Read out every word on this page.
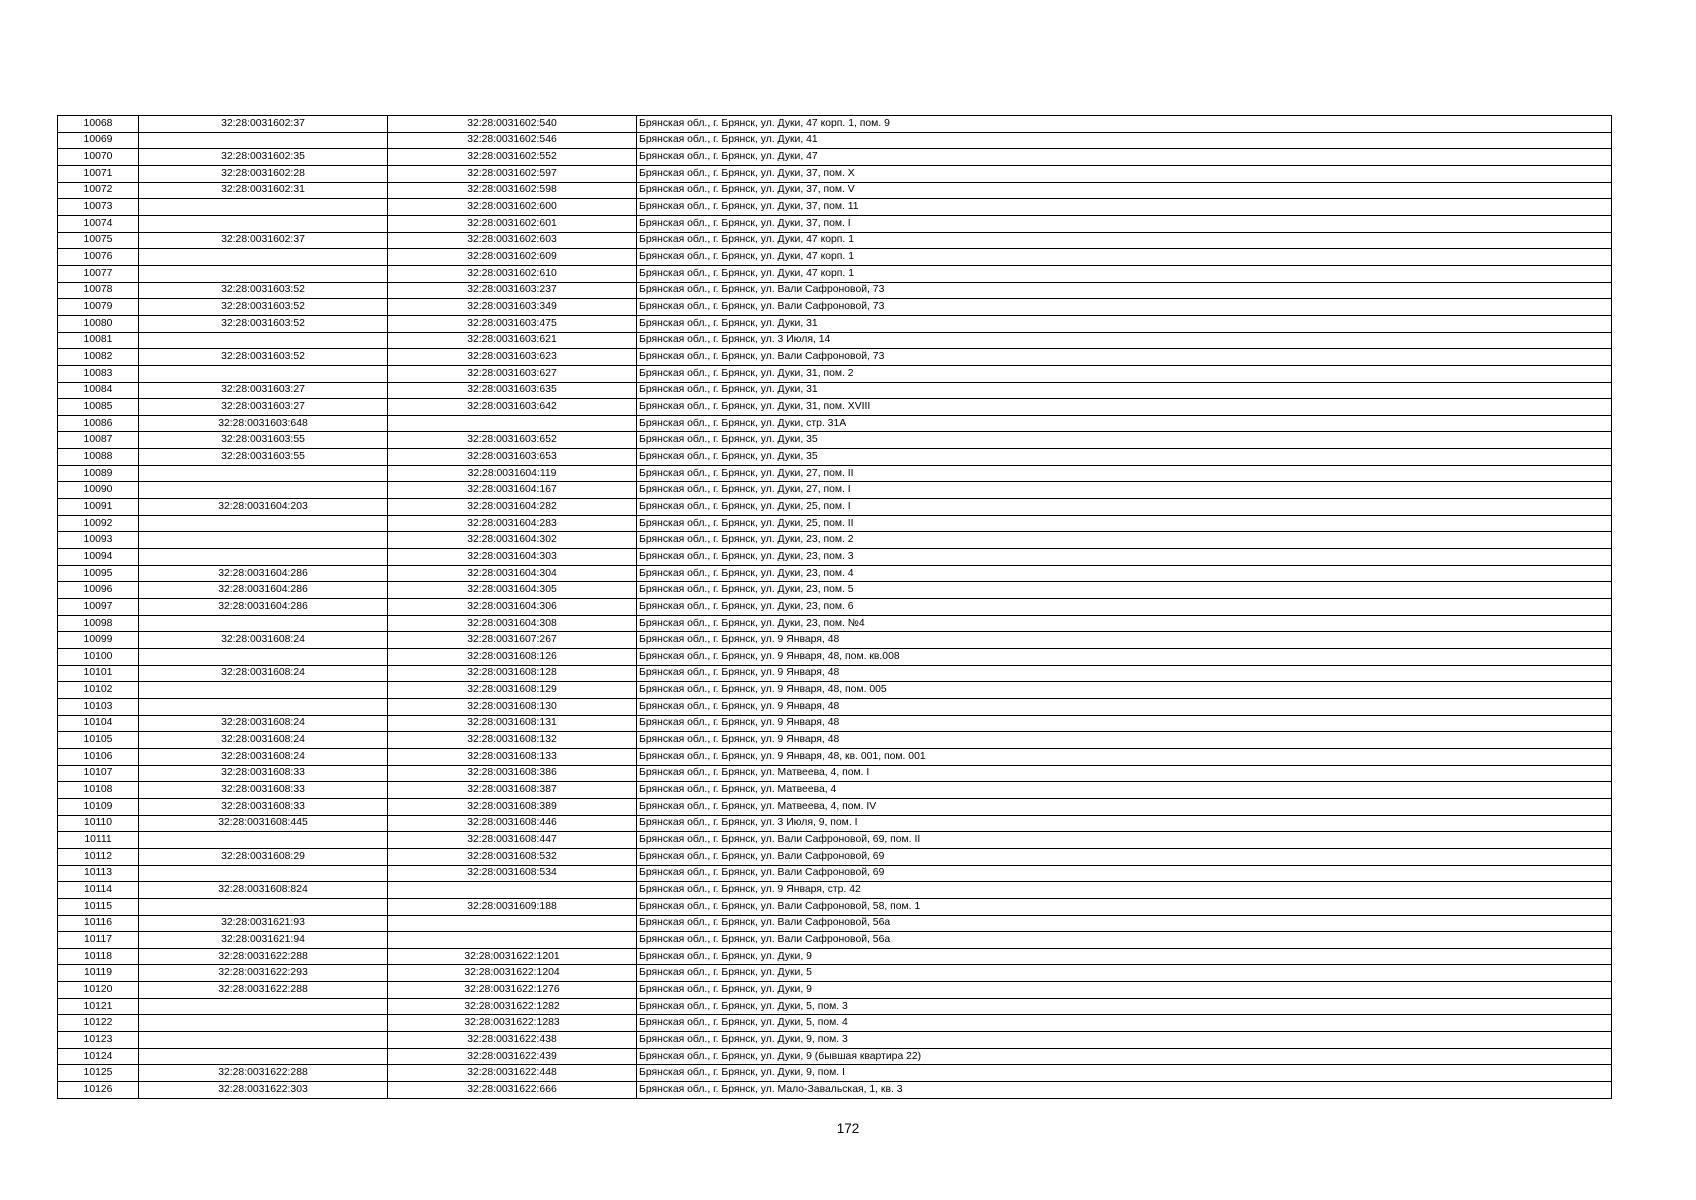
10068	32:28:0031602:37	32:28:0031602:540	Брянская обл., г. Брянск, ул. Дуки, 47 корп. 1, пом. 9
10069		32:28:0031602:546	Брянская обл., г. Брянск, ул. Дуки, 41
10070	32:28:0031602:35	32:28:0031602:552	Брянская обл., г. Брянск, ул. Дуки, 47
10071	32:28:0031602:28	32:28:0031602:597	Брянская обл., г. Брянск, ул. Дуки, 37, пом. X
10072	32:28:0031602:31	32:28:0031602:598	Брянская обл., г. Брянск, ул. Дуки, 37, пом. V
10073		32:28:0031602:600	Брянская обл., г. Брянск, ул. Дуки, 37, пом. 11
10074		32:28:0031602:601	Брянская обл., г. Брянск, ул. Дуки, 37, пом. I
10075	32:28:0031602:37	32:28:0031602:603	Брянская обл., г. Брянск, ул. Дуки, 47 корп. 1
10076		32:28:0031602:609	Брянская обл., г. Брянск, ул. Дуки, 47 корп. 1
10077		32:28:0031602:610	Брянская обл., г. Брянск, ул. Дуки, 47 корп. 1
10078	32:28:0031603:52	32:28:0031603:237	Брянская обл., г. Брянск, ул. Вали Сафроновой, 73
10079	32:28:0031603:52	32:28:0031603:349	Брянская обл., г. Брянск, ул. Вали Сафроновой, 73
10080	32:28:0031603:52	32:28:0031603:475	Брянская обл., г. Брянск, ул. Дуки, 31
10081		32:28:0031603:621	Брянская обл., г. Брянск, ул. 3 Июля, 14
10082	32:28:0031603:52	32:28:0031603:623	Брянская обл., г. Брянск, ул. Вали Сафроновой, 73
10083		32:28:0031603:627	Брянская обл., г. Брянск, ул. Дуки, 31, пом. 2
10084	32:28:0031603:27	32:28:0031603:635	Брянская обл., г. Брянск, ул. Дуки, 31
10085	32:28:0031603:27	32:28:0031603:642	Брянская обл., г. Брянск, ул. Дуки, 31, пом. XVIII
10086	32:28:0031603:648		Брянская обл., г. Брянск, ул. Дуки, стр. 31А
10087	32:28:0031603:55	32:28:0031603:652	Брянская обл., г. Брянск, ул. Дуки, 35
10088	32:28:0031603:55	32:28:0031603:653	Брянская обл., г. Брянск, ул. Дуки, 35
10089		32:28:0031604:119	Брянская обл., г. Брянск, ул. Дуки, 27, пом. II
10090		32:28:0031604:167	Брянская обл., г. Брянск, ул. Дуки, 27, пом. I
10091	32:28:0031604:203	32:28:0031604:282	Брянская обл., г. Брянск, ул. Дуки, 25, пом. I
10092		32:28:0031604:283	Брянская обл., г. Брянск, ул. Дуки, 25, пом. II
10093		32:28:0031604:302	Брянская обл., г. Брянск, ул. Дуки, 23, пом. 2
10094		32:28:0031604:303	Брянская обл., г. Брянск, ул. Дуки, 23, пом. 3
10095	32:28:0031604:286	32:28:0031604:304	Брянская обл., г. Брянск, ул. Дуки, 23, пом. 4
10096	32:28:0031604:286	32:28:0031604:305	Брянская обл., г. Брянск, ул. Дуки, 23, пом. 5
10097	32:28:0031604:286	32:28:0031604:306	Брянская обл., г. Брянск, ул. Дуки, 23, пом. 6
10098		32:28:0031604:308	Брянская обл., г. Брянск, ул. Дуки, 23, пом. №4
10099	32:28:0031608:24	32:28:0031607:267	Брянская обл., г. Брянск, ул. 9 Января, 48
10100		32:28:0031608:126	Брянская обл., г. Брянск, ул. 9 Января, 48, пом. кв.008
10101	32:28:0031608:24	32:28:0031608:128	Брянская обл., г. Брянск, ул. 9 Января, 48
10102		32:28:0031608:129	Брянская обл., г. Брянск, ул. 9 Января, 48, пом. 005
10103		32:28:0031608:130	Брянская обл., г. Брянск, ул. 9 Января, 48
10104	32:28:0031608:24	32:28:0031608:131	Брянская обл., г. Брянск, ул. 9 Января, 48
10105	32:28:0031608:24	32:28:0031608:132	Брянская обл., г. Брянск, ул. 9 Января, 48
10106	32:28:0031608:24	32:28:0031608:133	Брянская обл., г. Брянск, ул. 9 Января, 48, кв. 001, пом. 001
10107	32:28:0031608:33	32:28:0031608:386	Брянская обл., г. Брянск, ул. Матвеева, 4, пом. I
10108	32:28:0031608:33	32:28:0031608:387	Брянская обл., г. Брянск, ул. Матвеева, 4
10109	32:28:0031608:33	32:28:0031608:389	Брянская обл., г. Брянск, ул. Матвеева, 4, пом. IV
10110	32:28:0031608:445	32:28:0031608:446	Брянская обл., г. Брянск, ул. 3 Июля, 9, пом. I
10111		32:28:0031608:447	Брянская обл., г. Брянск, ул. Вали Сафроновой, 69, пом. II
10112	32:28:0031608:29	32:28:0031608:532	Брянская обл., г. Брянск, ул. Вали Сафроновой, 69
10113		32:28:0031608:534	Брянская обл., г. Брянск, ул. Вали Сафроновой, 69
10114	32:28:0031608:824		Брянская обл., г. Брянск, ул. 9 Января, стр. 42
10115		32:28:0031609:188	Брянская обл., г. Брянск, ул. Вали Сафроновой, 58, пом. 1
10116	32:28:0031621:93		Брянская обл., г. Брянск, ул. Вали Сафроновой, 56а
10117	32:28:0031621:94		Брянская обл., г. Брянск, ул. Вали Сафроновой, 56а
10118	32:28:0031622:288	32:28:0031622:1201	Брянская обл., г. Брянск, ул. Дуки, 9
10119	32:28:0031622:293	32:28:0031622:1204	Брянская обл., г. Брянск, ул. Дуки, 5
10120	32:28:0031622:288	32:28:0031622:1276	Брянская обл., г. Брянск, ул. Дуки, 9
10121		32:28:0031622:1282	Брянская обл., г. Брянск, ул. Дуки, 5, пом. 3
10122		32:28:0031622:1283	Брянская обл., г. Брянск, ул. Дуки, 5, пом. 4
10123		32:28:0031622:438	Брянская обл., г. Брянск, ул. Дуки, 9, пом. 3
10124		32:28:0031622:439	Брянская обл., г. Брянск, ул. Дуки, 9 (бывшая квартира 22)
10125	32:28:0031622:288	32:28:0031622:448	Брянская обл., г. Брянск, ул. Дуки, 9, пом. I
10126	32:28:0031622:303	32:28:0031622:666	Брянская обл., г. Брянск, ул. Мало-Завальская, 1, кв. 3
172
